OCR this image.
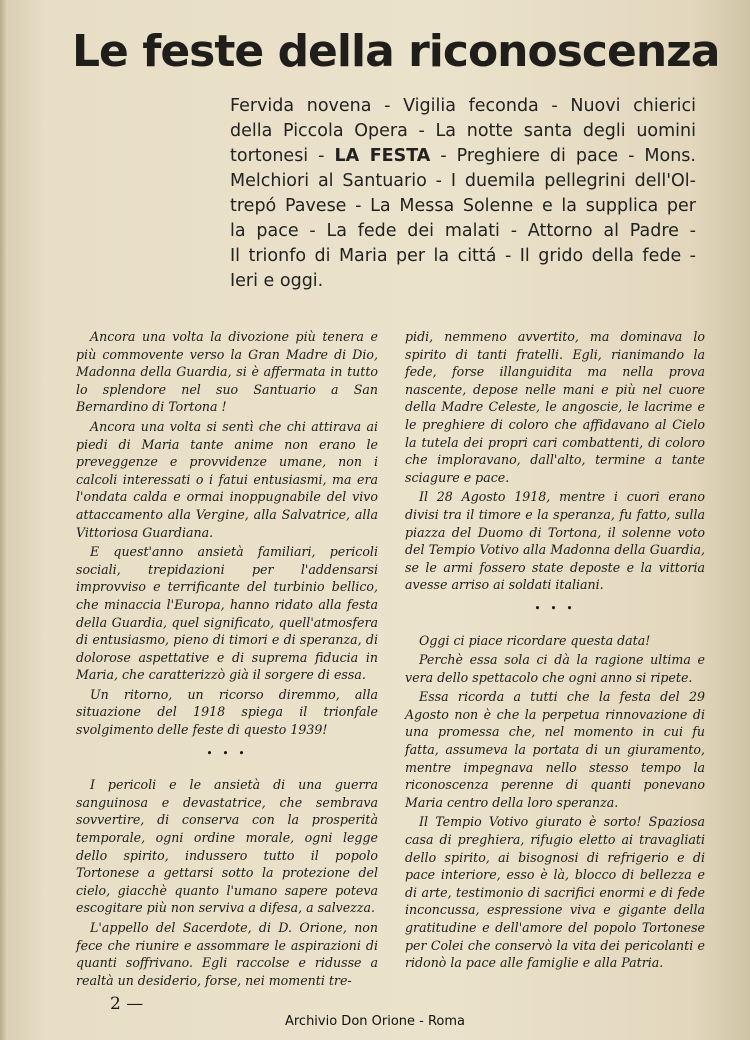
Le feste della riconoscenza
Fervida novena - Vigilia feconda - Nuovi chierici
della Piccola Opera - La notte santa degli uomini
tortonesi - LA FESTA - Preghiere di pace - Mons.
Melchiori al Santuario - I duemila pellegrini dell'Ol-
trepó Pavese - La Messa Solenne e la supplica per
la pace - La fede dei malati - Attorno al Padre -
Il trionfo di Maria per la cittá - Il grido della fede -
Ieri e oggi.

Ancora una volta la divozione più tenera e più commovente verso la Gran Madre di Dio, Madonna della Guardia, si è affermata in tutto lo splendore nel suo Santuario a San Bernardino di Tortona !

Ancora una volta si sentì che chi attirava ai piedi di Maria tante anime non erano le preveggenze e provvidenze umane, non i calcoli interessati o i fatui entusiasmi, ma era l'ondata calda e ormai inoppugnabile del vivo attaccamento alla Vergine, alla Salvatrice, alla Vittoriosa Guardiana.

E quest'anno ansietà familiari, pericoli sociali, trepidazioni per l'addensarsi improvviso e terrificante del turbinio bellico, che minaccia l'Europa, hanno ridato alla festa della Guardia, quel significato, quell'atmosfera di entusiasmo, pieno di timori e di speranza, di dolorose aspettative e di suprema fiducia in Maria, che caratterizzò già il sorgere di essa.

Un ritorno, un ricorso diremmo, alla situazione del 1918 spiega il trionfale svolgimento delle feste di questo 1939!

• • •

I pericoli e le ansietà di una guerra sanguinosa e devastatrice, che sembrava sovvertire, di conserva con la prosperità temporale, ogni ordine morale, ogni legge dello spirito, indussero tutto il popolo Tortonese a gettarsi sotto la protezione del cielo, giacchè quanto l'umano sapere poteva escogitare più non serviva a difesa, a salvezza.

L'appello del Sacerdote, di D. Orione, non fece che riunire e assommare le aspirazioni di quanti soffrivano. Egli raccolse e ridusse a realtà un desiderio, forse, nei momenti tre-

pidi, nemmeno avvertito, ma dominava lo spirito di tanti fratelli. Egli, rianimando la fede, forse illanguidita ma nella prova nascente, depose nelle mani e più nel cuore della Madre Celeste, le angoscie, le lacrime e le preghiere di coloro che affidavano al Cielo la tutela dei propri cari combattenti, di coloro che imploravano, dall'alto, termine a tante sciagure e pace.

Il 28 Agosto 1918, mentre i cuori erano divisi tra il timore e la speranza, fu fatto, sulla piazza del Duomo di Tortona, il solenne voto del Tempio Votivo alla Madonna della Guardia, se le armi fossero state deposte e la vittoria avesse arriso ai soldati italiani.

• • •

Oggi ci piace ricordare questa data!

Perchè essa sola ci dà la ragione ultima e vera dello spettacolo che ogni anno si ripete.

Essa ricorda a tutti che la festa del 29 Agosto non è che la perpetua rinnovazione di una promessa che, nel momento in cui fu fatta, assumeva la portata di un giuramento, mentre impegnava nello stesso tempo la riconoscenza perenne di quanti ponevano Maria centro della loro speranza.

Il Tempio Votivo giurato è sorto! Spaziosa casa di preghiera, rifugio eletto ai travagliati dello spirito, ai bisognosi di refrigerio e di pace interiore, esso è là, blocco di bellezza e di arte, testimonio di sacrifici enormi e di fede inconcussa, espressione viva e gigante della gratitudine e dell'amore del popolo Tortonese per Colei che conservò la vita dei pericolanti e ridonò la pace alle famiglie e alla Patria.

2 —
Archivio Don Orione - Roma
